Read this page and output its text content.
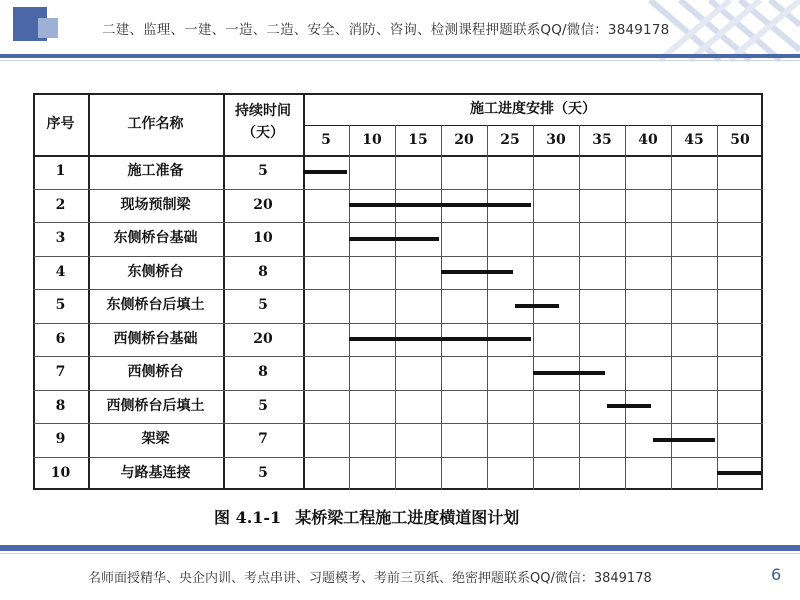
二建、监理、一建、一造、二造、安全、消防、咨询、检测课程押题联系QQ/微信：3849178
序号	工作名称
持续时间
（天）
施工进度安排（天）
5	10	15	20	25	30	35	40	45	50
1	施工准备	5
2	现场预制梁	20
3	东侧桥台基础	10
4	东侧桥台	8
5	东侧桥台后填土	5
6	西侧桥台基础	20
7	西侧桥台	8
8	西侧桥台后填土	5
9	架梁	7
10	与路基连接	5
图 4.1-1 某桥梁工程施工进度横道图计划
名师面授精华、央企内训、考点串讲、习题模考、考前三页纸、绝密押题联系QQ/微信：3849178	6
